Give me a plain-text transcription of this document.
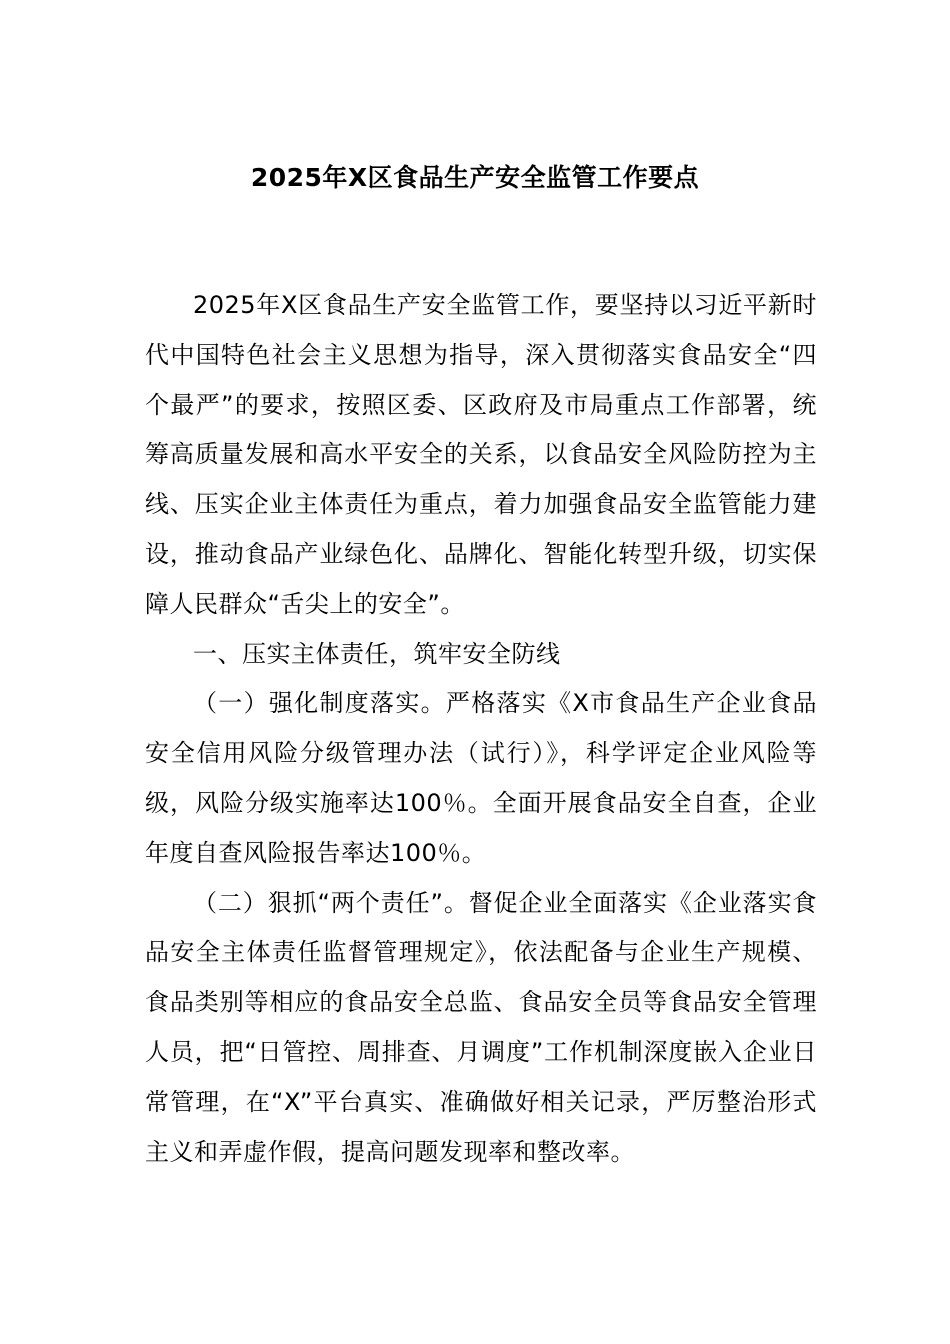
2025年X区食品生产安全监管工作要点

2025年X区食品生产安全监管工作，要坚持以习近平新时代中国特色社会主义思想为指导，深入贯彻落实食品安全“四个最严”的要求，按照区委、区政府及市局重点工作部署，统筹高质量发展和高水平安全的关系，以食品安全风险防控为主线、压实企业主体责任为重点，着力加强食品安全监管能力建设，推动食品产业绿色化、品牌化、智能化转型升级，切实保障人民群众“舌尖上的安全”。

一、压实主体责任，筑牢安全防线

（一）强化制度落实。严格落实《X市食品生产企业食品安全信用风险分级管理办法（试行）》，科学评定企业风险等级，风险分级实施率达100％。全面开展食品安全自查，企业年度自查风险报告率达100％。

（二）狠抓“两个责任”。督促企业全面落实《企业落实食品安全主体责任监督管理规定》，依法配备与企业生产规模、食品类别等相应的食品安全总监、食品安全员等食品安全管理人员，把“日管控、周排查、月调度”工作机制深度嵌入企业日常管理，在“X”平台真实、准确做好相关记录，严厉整治形式主义和弄虚作假，提高问题发现率和整改率。
